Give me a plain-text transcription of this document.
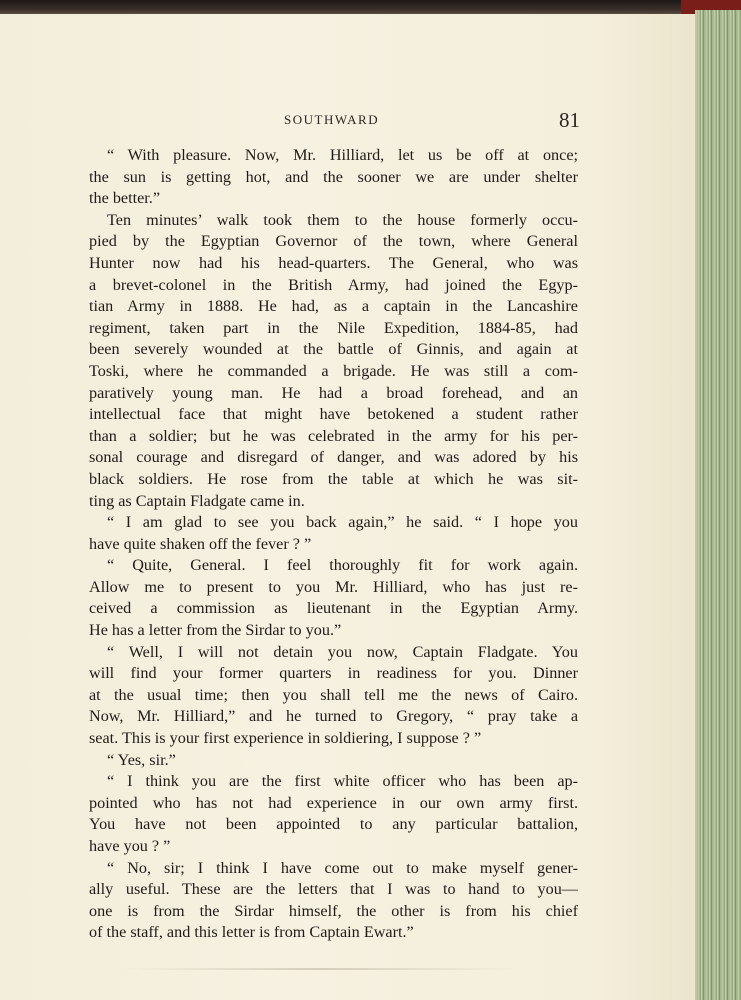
SOUTHWARD	81
“ With pleasure. Now, Mr. Hilliard, let us be off at once;
the sun is getting hot, and the sooner we are under shelter
the better.”
Ten minutes’ walk took them to the house formerly occu-
pied by the Egyptian Governor of the town, where General
Hunter now had his head-quarters. The General, who was
a brevet-colonel in the British Army, had joined the Egyp-
tian Army in 1888. He had, as a captain in the Lancashire
regiment, taken part in the Nile Expedition, 1884-85, had
been severely wounded at the battle of Ginnis, and again at
Toski, where he commanded a brigade. He was still a com-
paratively young man. He had a broad forehead, and an
intellectual face that might have betokened a student rather
than a soldier; but he was celebrated in the army for his per-
sonal courage and disregard of danger, and was adored by his
black soldiers. He rose from the table at which he was sit-
ting as Captain Fladgate came in.
“ I am glad to see you back again,” he said. “ I hope you
have quite shaken off the fever ? ”
“ Quite, General. I feel thoroughly fit for work again.
Allow me to present to you Mr. Hilliard, who has just re-
ceived a commission as lieutenant in the Egyptian Army.
He has a letter from the Sirdar to you.”
“ Well, I will not detain you now, Captain Fladgate. You
will find your former quarters in readiness for you. Dinner
at the usual time; then you shall tell me the news of Cairo.
Now, Mr. Hilliard,” and he turned to Gregory, “ pray take a
seat. This is your first experience in soldiering, I suppose ? ”
“ Yes, sir.”
“ I think you are the first white officer who has been ap-
pointed who has not had experience in our own army first.
You have not been appointed to any particular battalion,
have you ? ”
“ No, sir; I think I have come out to make myself gener-
ally useful. These are the letters that I was to hand to you—
one is from the Sirdar himself, the other is from his chief
of the staff, and this letter is from Captain Ewart.”
